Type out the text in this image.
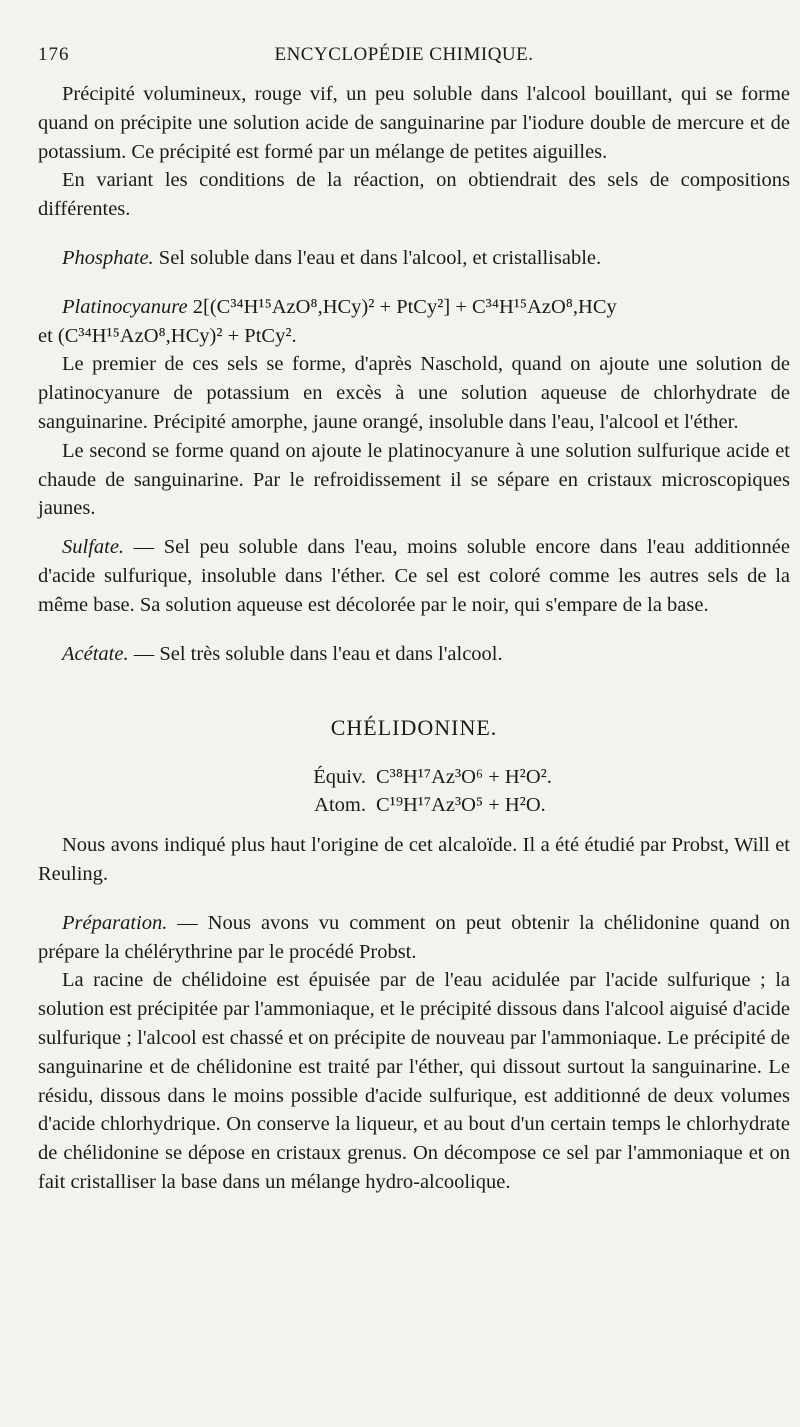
176	ENCYCLOPÉDIE CHIMIQUE.

Précipité volumineux, rouge vif, un peu soluble dans l'alcool bouillant, qui se forme quand on précipite une solution acide de sanguinarine par l'iodure double de mercure et de potassium. Ce précipité est formé par un mélange de petites aiguilles.

En variant les conditions de la réaction, on obtiendrait des sels de compositions différentes.

Phosphate. Sel soluble dans l'eau et dans l'alcool, et cristallisable.

Platinocyanure 2[(C³⁴H¹⁵AzO⁸,HCy)² + PtCy²] + C³⁴H¹⁵AzO⁸,HCy

et (C³⁴H¹⁵AzO⁸,HCy)² + PtCy².

Le premier de ces sels se forme, d'après Naschold, quand on ajoute une solution de platinocyanure de potassium en excès à une solution aqueuse de chlorhydrate de sanguinarine. Précipité amorphe, jaune orangé, insoluble dans l'eau, l'alcool et l'éther.

Le second se forme quand on ajoute le platinocyanure à une solution sulfurique acide et chaude de sanguinarine. Par le refroidissement il se sépare en cristaux microscopiques jaunes.

Sulfate. — Sel peu soluble dans l'eau, moins soluble encore dans l'eau additionnée d'acide sulfurique, insoluble dans l'éther. Ce sel est coloré comme les autres sels de la même base. Sa solution aqueuse est décolorée par le noir, qui s'empare de la base.

Acétate. — Sel très soluble dans l'eau et dans l'alcool.

CHÉLIDONINE.
Équiv. C³⁸H¹⁷Az³O⁶ + H²O².
Atom. C¹⁹H¹⁷Az³O⁵ + H²O.

Nous avons indiqué plus haut l'origine de cet alcaloïde. Il a été étudié par Probst, Will et Reuling.

Préparation. — Nous avons vu comment on peut obtenir la chélidonine quand on prépare la chélérythrine par le procédé Probst.

La racine de chélidoine est épuisée par de l'eau acidulée par l'acide sulfurique ; la solution est précipitée par l'ammoniaque, et le précipité dissous dans l'alcool aiguisé d'acide sulfurique ; l'alcool est chassé et on précipite de nouveau par l'ammoniaque. Le précipité de sanguinarine et de chélidonine est traité par l'éther, qui dissout surtout la sanguinarine. Le résidu, dissous dans le moins possible d'acide sulfurique, est additionné de deux volumes d'acide chlorhydrique. On conserve la liqueur, et au bout d'un certain temps le chlorhydrate de chélidonine se dépose en cristaux grenus. On décompose ce sel par l'ammoniaque et on fait cristalliser la base dans un mélange hydro-alcoolique.
